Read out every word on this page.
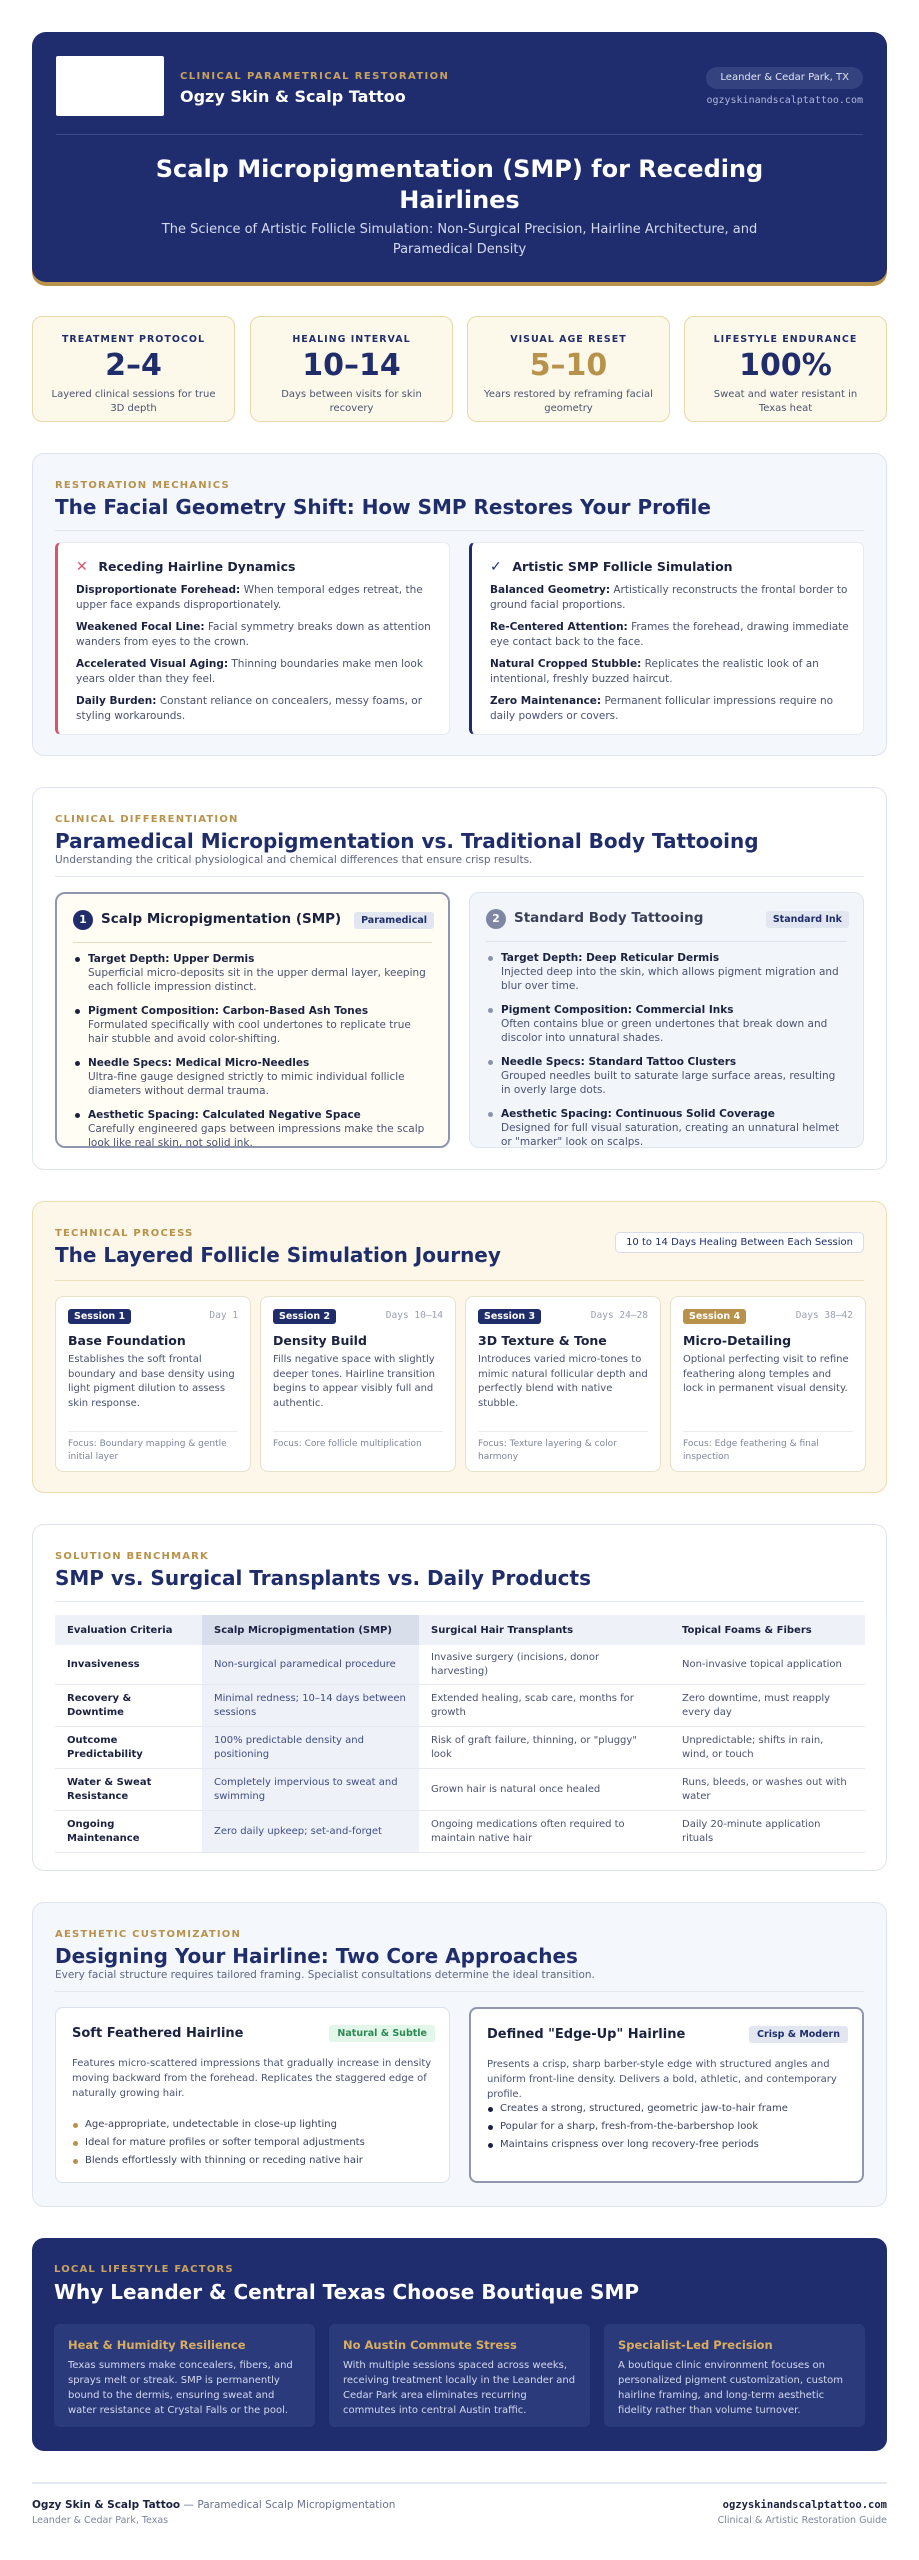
CLINICAL PARAMETRICAL RESTORATION
Ogzy Skin & Scalp Tattoo
Leander & Cedar Park, TX
ogzyskinandscalptattoo.com
Scalp Micropigmentation (SMP) for Receding Hairlines

The Science of Artistic Follicle Simulation: Non-Surgical Precision, Hairline Architecture, and Paramedical Density

TREATMENT PROTOCOL
2–4
Layered clinical sessions for true 3D depth
HEALING INTERVAL
10–14
Days between visits for skin recovery
VISUAL AGE RESET
5–10
Years restored by reframing facial geometry
LIFESTYLE ENDURANCE
100%
Sweat and water resistant in Texas heat
RESTORATION MECHANICS
The Facial Geometry Shift: How SMP Restores Your Profile
✕ Receding Hairline Dynamics

Disproportionate Forehead: When temporal edges retreat, the upper face expands disproportionately.

Weakened Focal Line: Facial symmetry breaks down as attention wanders from eyes to the crown.

Accelerated Visual Aging: Thinning boundaries make men look years older than they feel.

Daily Burden: Constant reliance on concealers, messy foams, or styling workarounds.

✓ Artistic SMP Follicle Simulation

Balanced Geometry: Artistically reconstructs the frontal border to ground facial proportions.

Re-Centered Attention: Frames the forehead, drawing immediate eye contact back to the face.

Natural Cropped Stubble: Replicates the realistic look of an intentional, freshly buzzed haircut.

Zero Maintenance: Permanent follicular impressions require no daily powders or covers.

CLINICAL DIFFERENTIATION
Paramedical Micropigmentation vs. Traditional Body Tattooing
Understanding the critical physiological and chemical differences that ensure crisp results.
1	Scalp Micropigmentation (SMP)	Paramedical
Target Depth: Upper Dermis
Superficial micro-deposits sit in the upper dermal layer, keeping each follicle impression distinct.
Pigment Composition: Carbon-Based Ash Tones
Formulated specifically with cool undertones to replicate true hair stubble and avoid color-shifting.
Needle Specs: Medical Micro-Needles
Ultra-fine gauge designed strictly to mimic individual follicle diameters without dermal trauma.
Aesthetic Spacing: Calculated Negative Space
Carefully engineered gaps between impressions make the scalp look like real skin, not solid ink.
2	Standard Body Tattooing	Standard Ink
Target Depth: Deep Reticular Dermis
Injected deep into the skin, which allows pigment migration and blur over time.
Pigment Composition: Commercial Inks
Often contains blue or green undertones that break down and discolor into unnatural shades.
Needle Specs: Standard Tattoo Clusters
Grouped needles built to saturate large surface areas, resulting in overly large dots.
Aesthetic Spacing: Continuous Solid Coverage
Designed for full visual saturation, creating an unnatural helmet or "marker" look on scalps.
TECHNICAL PROCESS
The Layered Follicle Simulation Journey
10 to 14 Days Healing Between Each Session
Session 1	Day 1
Base Foundation
Establishes the soft frontal boundary and base density using light pigment dilution to assess skin response.
Focus: Boundary mapping & gentle initial layer
Session 2	Days 10–14
Density Build
Fills negative space with slightly deeper tones. Hairline transition begins to appear visibly full and authentic.
Focus: Core follicle multiplication
Session 3	Days 24–28
3D Texture & Tone
Introduces varied micro-tones to mimic natural follicular depth and perfectly blend with native stubble.
Focus: Texture layering & color harmony
Session 4	Days 38–42
Micro-Detailing
Optional perfecting visit to refine feathering along temples and lock in permanent visual density.
Focus: Edge feathering & final inspection
SOLUTION BENCHMARK
SMP vs. Surgical Transplants vs. Daily Products
Evaluation Criteria	Scalp Micropigmentation (SMP)	Surgical Hair Transplants	Topical Foams & Fibers
Invasiveness	Non-surgical paramedical procedure	Invasive surgery (incisions, donor harvesting)	Non-invasive topical application
Recovery & Downtime	Minimal redness; 10–14 days between sessions	Extended healing, scab care, months for growth	Zero downtime, must reapply every day
Outcome Predictability	100% predictable density and positioning	Risk of graft failure, thinning, or "pluggy" look	Unpredictable; shifts in rain, wind, or touch
Water & Sweat Resistance	Completely impervious to sweat and swimming	Grown hair is natural once healed	Runs, bleeds, or washes out with water
Ongoing Maintenance	Zero daily upkeep; set-and-forget	Ongoing medications often required to maintain native hair	Daily 20-minute application rituals
AESTHETIC CUSTOMIZATION
Designing Your Hairline: Two Core Approaches
Every facial structure requires tailored framing. Specialist consultations determine the ideal transition.
Soft Feathered Hairline	Natural & Subtle
Features micro-scattered impressions that gradually increase in density moving backward from the forehead. Replicates the staggered edge of naturally growing hair.
Age-appropriate, undetectable in close-up lighting
Ideal for mature profiles or softer temporal adjustments
Blends effortlessly with thinning or receding native hair
Defined "Edge-Up" Hairline	Crisp & Modern
Presents a crisp, sharp barber-style edge with structured angles and uniform front-line density. Delivers a bold, athletic, and contemporary profile.
Creates a strong, structured, geometric jaw-to-hair frame
Popular for a sharp, fresh-from-the-barbershop look
Maintains crispness over long recovery-free periods
LOCAL LIFESTYLE FACTORS
Why Leander & Central Texas Choose Boutique SMP
Heat & Humidity Resilience
Texas summers make concealers, fibers, and sprays melt or streak. SMP is permanently bound to the dermis, ensuring sweat and water resistance at Crystal Falls or the pool.
No Austin Commute Stress
With multiple sessions spaced across weeks, receiving treatment locally in the Leander and Cedar Park area eliminates recurring commutes into central Austin traffic.
Specialist-Led Precision
A boutique clinic environment focuses on personalized pigment customization, custom hairline framing, and long-term aesthetic fidelity rather than volume turnover.
Ogzy Skin & Scalp Tattoo — Paramedical Scalp Micropigmentation
Leander & Cedar Park, Texas
ogzyskinandscalptattoo.com
Clinical & Artistic Restoration Guide
